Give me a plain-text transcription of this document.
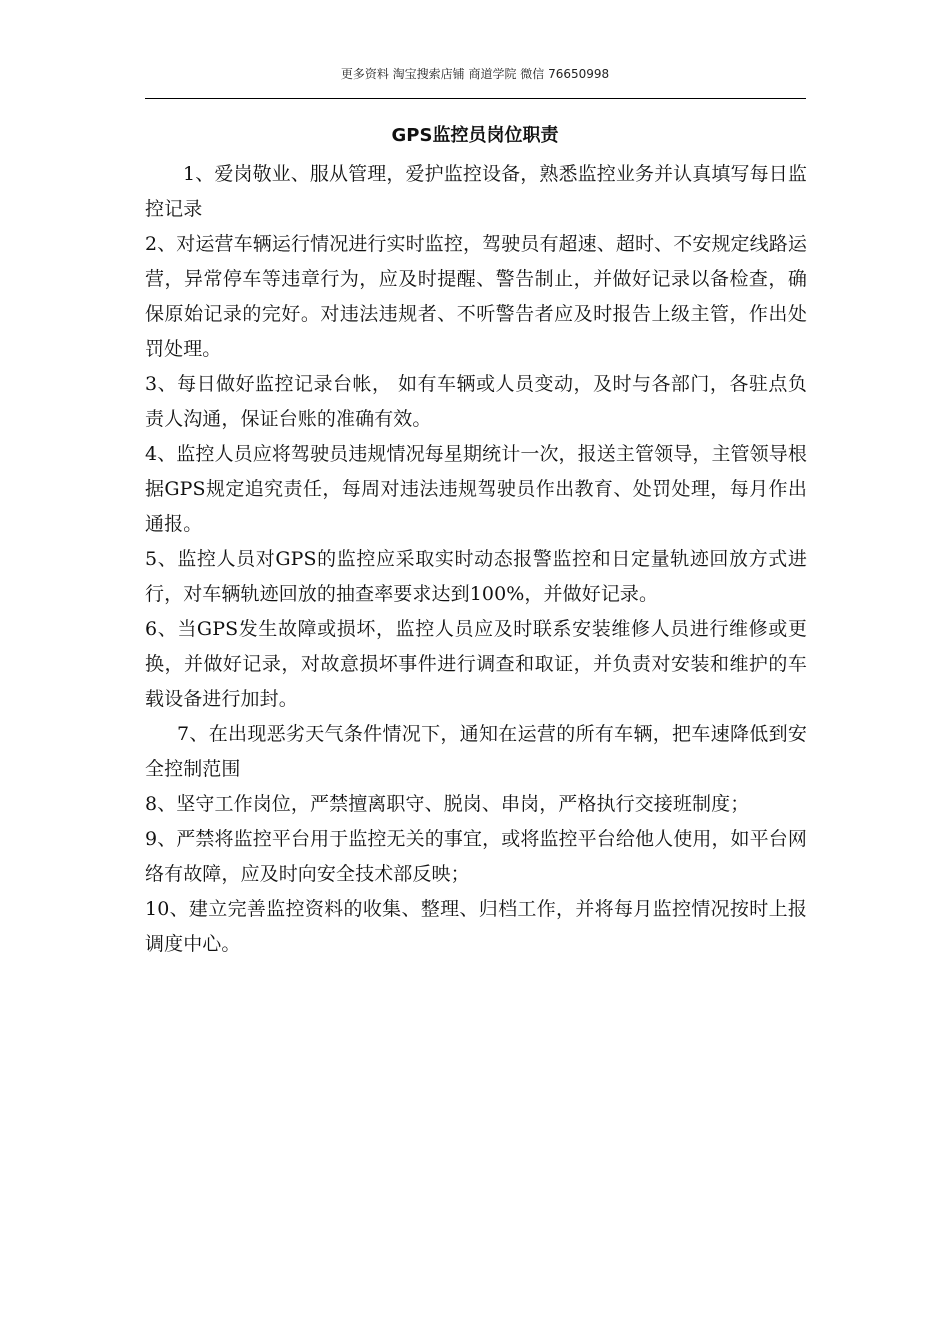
更多资料 淘宝搜索店铺 商道学院 微信 76650998
GPS监控员岗位职责

1、爱岗敬业、服从管理，爱护监控设备，熟悉监控业务并认真填写每日监控记录

2、对运营车辆运行情况进行实时监控，驾驶员有超速、超时、不安规定线路运营，异常停车等违章行为，应及时提醒、警告制止，并做好记录以备检查，确保原始记录的完好。对违法违规者、不听警告者应及时报告上级主管，作出处罚处理。

3、每日做好监控记录台帐， 如有车辆或人员变动，及时与各部门，各驻点负责人沟通，保证台账的准确有效。

4、监控人员应将驾驶员违规情况每星期统计一次，报送主管领导，主管领导根据GPS规定追究责任，每周对违法违规驾驶员作出教育、处罚处理，每月作出通报。

5、监控人员对GPS的监控应采取实时动态报警监控和日定量轨迹回放方式进行，对车辆轨迹回放的抽查率要求达到100%，并做好记录。

6、当GPS发生故障或损坏，监控人员应及时联系安装维修人员进行维修或更换，并做好记录，对故意损坏事件进行调查和取证，并负责对安装和维护的车载设备进行加封。

7、在出现恶劣天气条件情况下，通知在运营的所有车辆，把车速降低到安全控制范围

8、坚守工作岗位，严禁擅离职守、脱岗、串岗，严格执行交接班制度；

9、严禁将监控平台用于监控无关的事宜，或将监控平台给他人使用，如平台网络有故障，应及时向安全技术部反映；

10、建立完善监控资料的收集、整理、归档工作，并将每月监控情况按时上报调度中心。
